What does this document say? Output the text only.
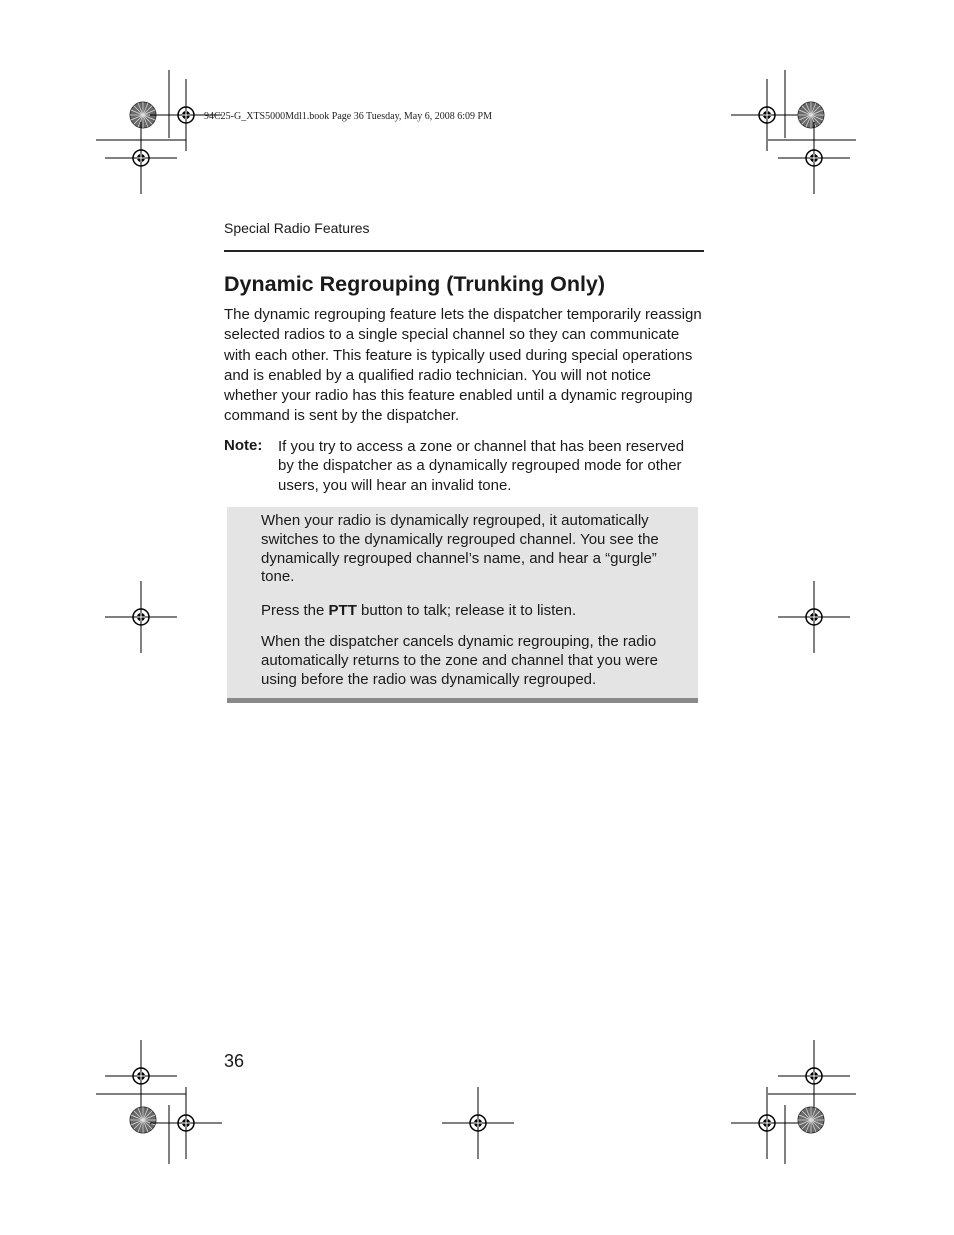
94C25-G_XTS5000Mdl1.book Page 36 Tuesday, May 6, 2008 6:09 PM
Special Radio Features
Dynamic Regrouping (Trunking Only)

The dynamic regrouping feature lets the dispatcher temporarily reassign selected radios to a single special channel so they can communicate with each other. This feature is typically used during special operations and is enabled by a qualified radio technician. You will not notice whether your radio has this feature enabled until a dynamic regrouping command is sent by the dispatcher.

Note: If you try to access a zone or channel that has been reserved by the dispatcher as a dynamically regrouped mode for other users, you will hear an invalid tone.

When your radio is dynamically regrouped, it automatically switches to the dynamically regrouped channel. You see the dynamically regrouped channel’s name, and hear a “gurgle” tone.

Press the PTT button to talk; release it to listen.

When the dispatcher cancels dynamic regrouping, the radio automatically returns to the zone and channel that you were using before the radio was dynamically regrouped.

36
